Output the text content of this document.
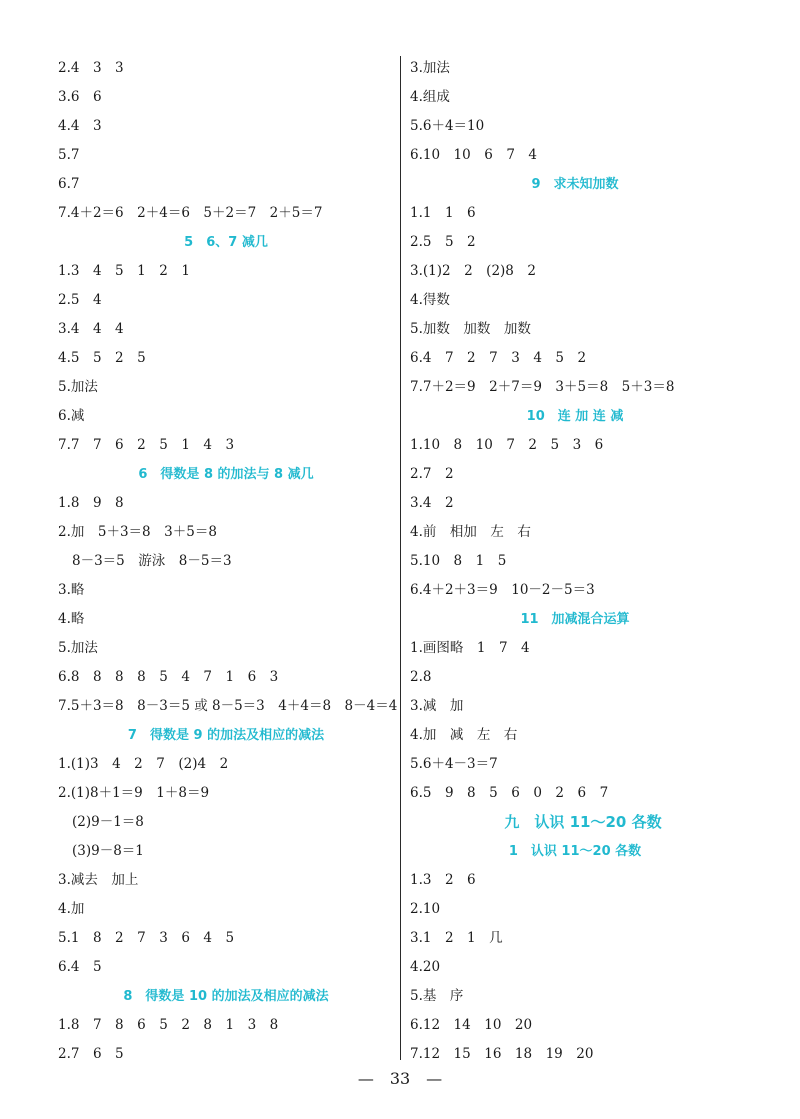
2.4　3　3
3.6　6
4.4　3
5.7
6.7
7.4＋2＝6　2＋4＝6　5＋2＝7　2＋5＝7
5　6、7 减几
1.3　4　5　1　2　1
2.5　4
3.4　4　4
4.5　5　2　5
5.加法
6.减
7.7　7　6　2　5　1　4　3
6　得数是 8 的加法与 8 减几
1.8　9　8
2.加　5＋3＝8　3＋5＝8
8－3＝5　游泳　8－5＝3
3.略
4.略
5.加法
6.8　8　8　8　5　4　7　1　6　3
7.5＋3＝8　8－3＝5 或 8－5＝3　4＋4＝8　8－4＝4
7　得数是 9 的加法及相应的减法
1.(1)3　4　2　7　(2)4　2
2.(1)8＋1＝9　1＋8＝9
(2)9－1＝8
(3)9－8＝1
3.减去　加上
4.加
5.1　8　2　7　3　6　4　5
6.4　5
8　得数是 10 的加法及相应的减法
1.8　7　8　6　5　2　8　1　3　8
2.7　6　5
3.加法
4.组成
5.6＋4＝10
6.10　10　6　7　4
9　求未知加数
1.1　1　6
2.5　5　2
3.(1)2　2　(2)8　2
4.得数
5.加数　加数　加数
6.4　7　2　7　3　4　5　2
7.7＋2＝9　2＋7＝9　3＋5＝8　5＋3＝8
10　连 加 连 减
1.10　8　10　7　2　5　3　6
2.7　2
3.4　2
4.前　相加　左　右
5.10　8　1　5
6.4＋2＋3＝9　10－2－5＝3
11　加减混合运算
1.画图略　1　7　4
2.8
3.减　加
4.加　减　左　右
5.6＋4－3＝7
6.5　9　8　5　6　0　2　6　7
九　认识 11～20 各数
1　认识 11～20 各数
1.3　2　6
2.10
3.1　2　1　几
4.20
5.基　序
6.12　14　10　20
7.12　15　16　18　19　20
—　33　—
